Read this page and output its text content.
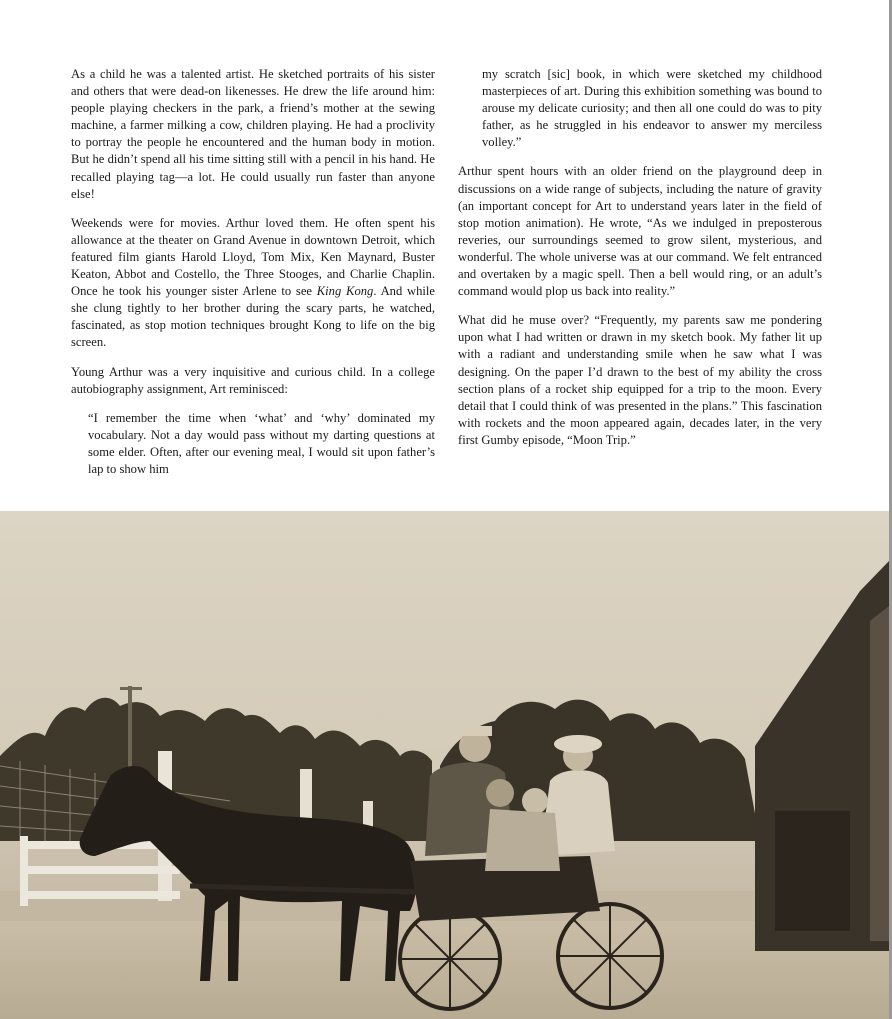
As a child he was a talented artist. He sketched portraits of his sister and others that were dead-on likenesses. He drew the life around him: people playing checkers in the park, a friend’s mother at the sewing machine, a farmer milking a cow, children playing. He had a proclivity to portray the people he encountered and the human body in motion. But he didn’t spend all his time sitting still with a pencil in his hand. He recalled playing tag—a lot. He could usually run faster than anyone else!

Weekends were for movies. Arthur loved them. He often spent his allowance at the theater on Grand Avenue in downtown Detroit, which featured film giants Harold Lloyd, Tom Mix, Ken Maynard, Buster Keaton, Abbot and Costello, the Three Stooges, and Charlie Chaplin. Once he took his younger sister Arlene to see King Kong. And while she clung tightly to her brother during the scary parts, he watched, fascinated, as stop motion techniques brought Kong to life on the big screen.

Young Arthur was a very inquisitive and curious child. In a college autobiography assignment, Art reminisced:

“I remember the time when ‘what’ and ‘why’ dominated my vocabulary. Not a day would pass without my darting questions at some elder. Often, after our evening meal, I would sit upon father’s lap to show him

my scratch [sic] book, in which were sketched my childhood masterpieces of art. During this exhibition something was bound to arouse my delicate curiosity; and then all one could do was to pity father, as he struggled in his endeavor to answer my merciless volley.”

Arthur spent hours with an older friend on the playground deep in discussions on a wide range of subjects, including the nature of gravity (an important concept for Art to understand years later in the field of stop motion animation). He wrote, “As we indulged in preposterous reveries, our surroundings seemed to grow silent, mysterious, and wonderful. The whole universe was at our command. We felt entranced and overtaken by a magic spell. Then a bell would ring, or an adult’s command would plop us back into reality.”

What did he muse over? “Frequently, my parents saw me pondering upon what I had written or drawn in my sketch book. My father lit up with a radiant and understanding smile when he saw what I was designing. On the paper I’d drawn to the best of my ability the cross section plans of a rocket ship equipped for a trip to the moon. Every detail that I could think of was presented in the plans.” This fascination with rockets and the moon appeared again, decades later, in the very first Gumby episode, “Moon Trip.”
